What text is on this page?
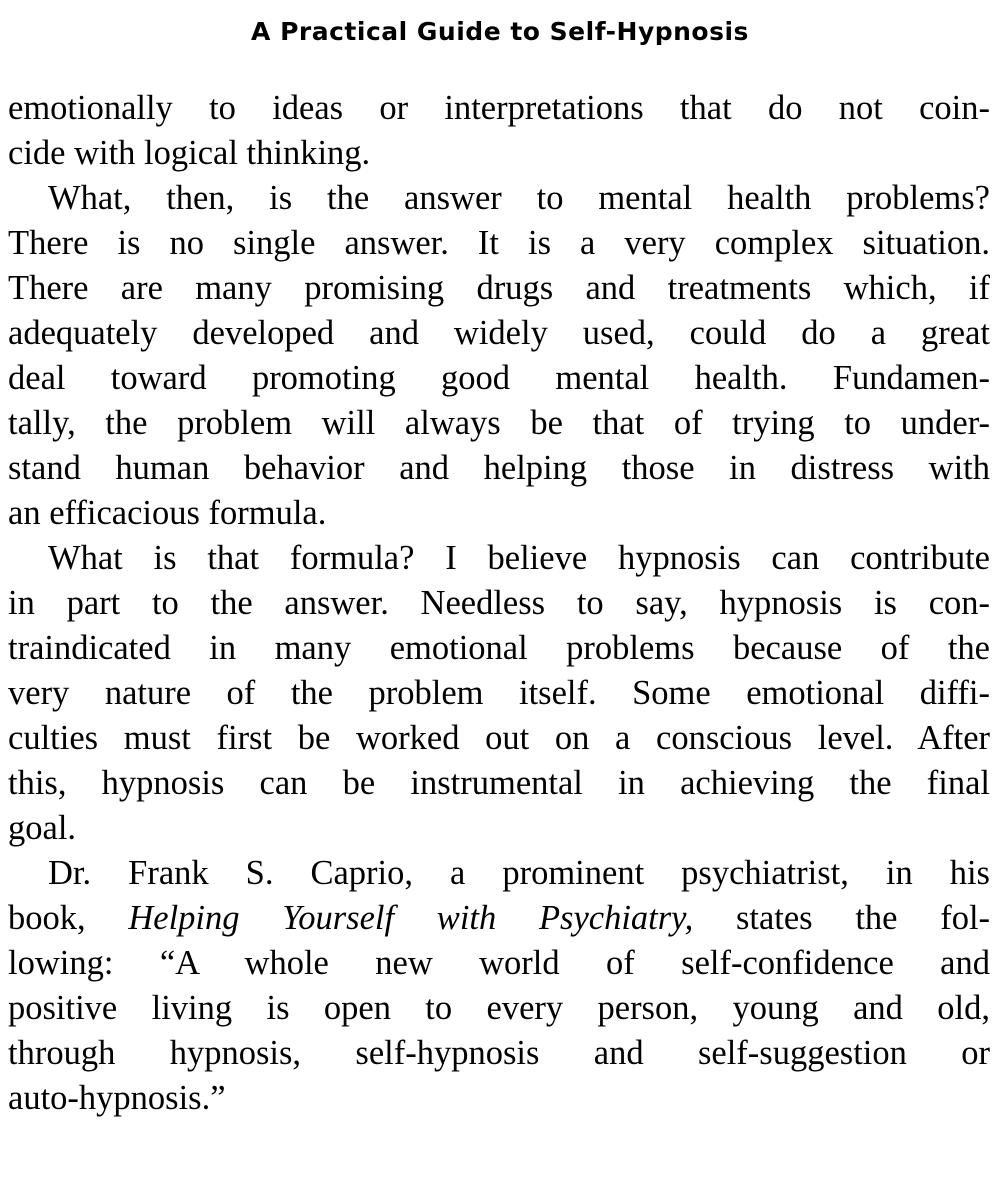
A Practical Guide to Self-Hypnosis
emotionally to ideas or interpretations that do not coin-
cide with logical thinking.
What, then, is the answer to mental health problems?
There is no single answer. It is a very complex situation.
There are many promising drugs and treatments which, if
adequately developed and widely used, could do a great
deal toward promoting good mental health. Fundamen-
tally, the problem will always be that of trying to under-
stand human behavior and helping those in distress with
an efficacious formula.
What is that formula? I believe hypnosis can contribute
in part to the answer. Needless to say, hypnosis is con-
traindicated in many emotional problems because of the
very nature of the problem itself. Some emotional diffi-
culties must first be worked out on a conscious level. After
this, hypnosis can be instrumental in achieving the final
goal.
Dr. Frank S. Caprio, a prominent psychiatrist, in his
book, Helping Yourself with Psychiatry, states the fol-
lowing: “A whole new world of self-confidence and
positive living is open to every person, young and old,
through hypnosis, self-hypnosis and self-suggestion or
auto-hypnosis.”
